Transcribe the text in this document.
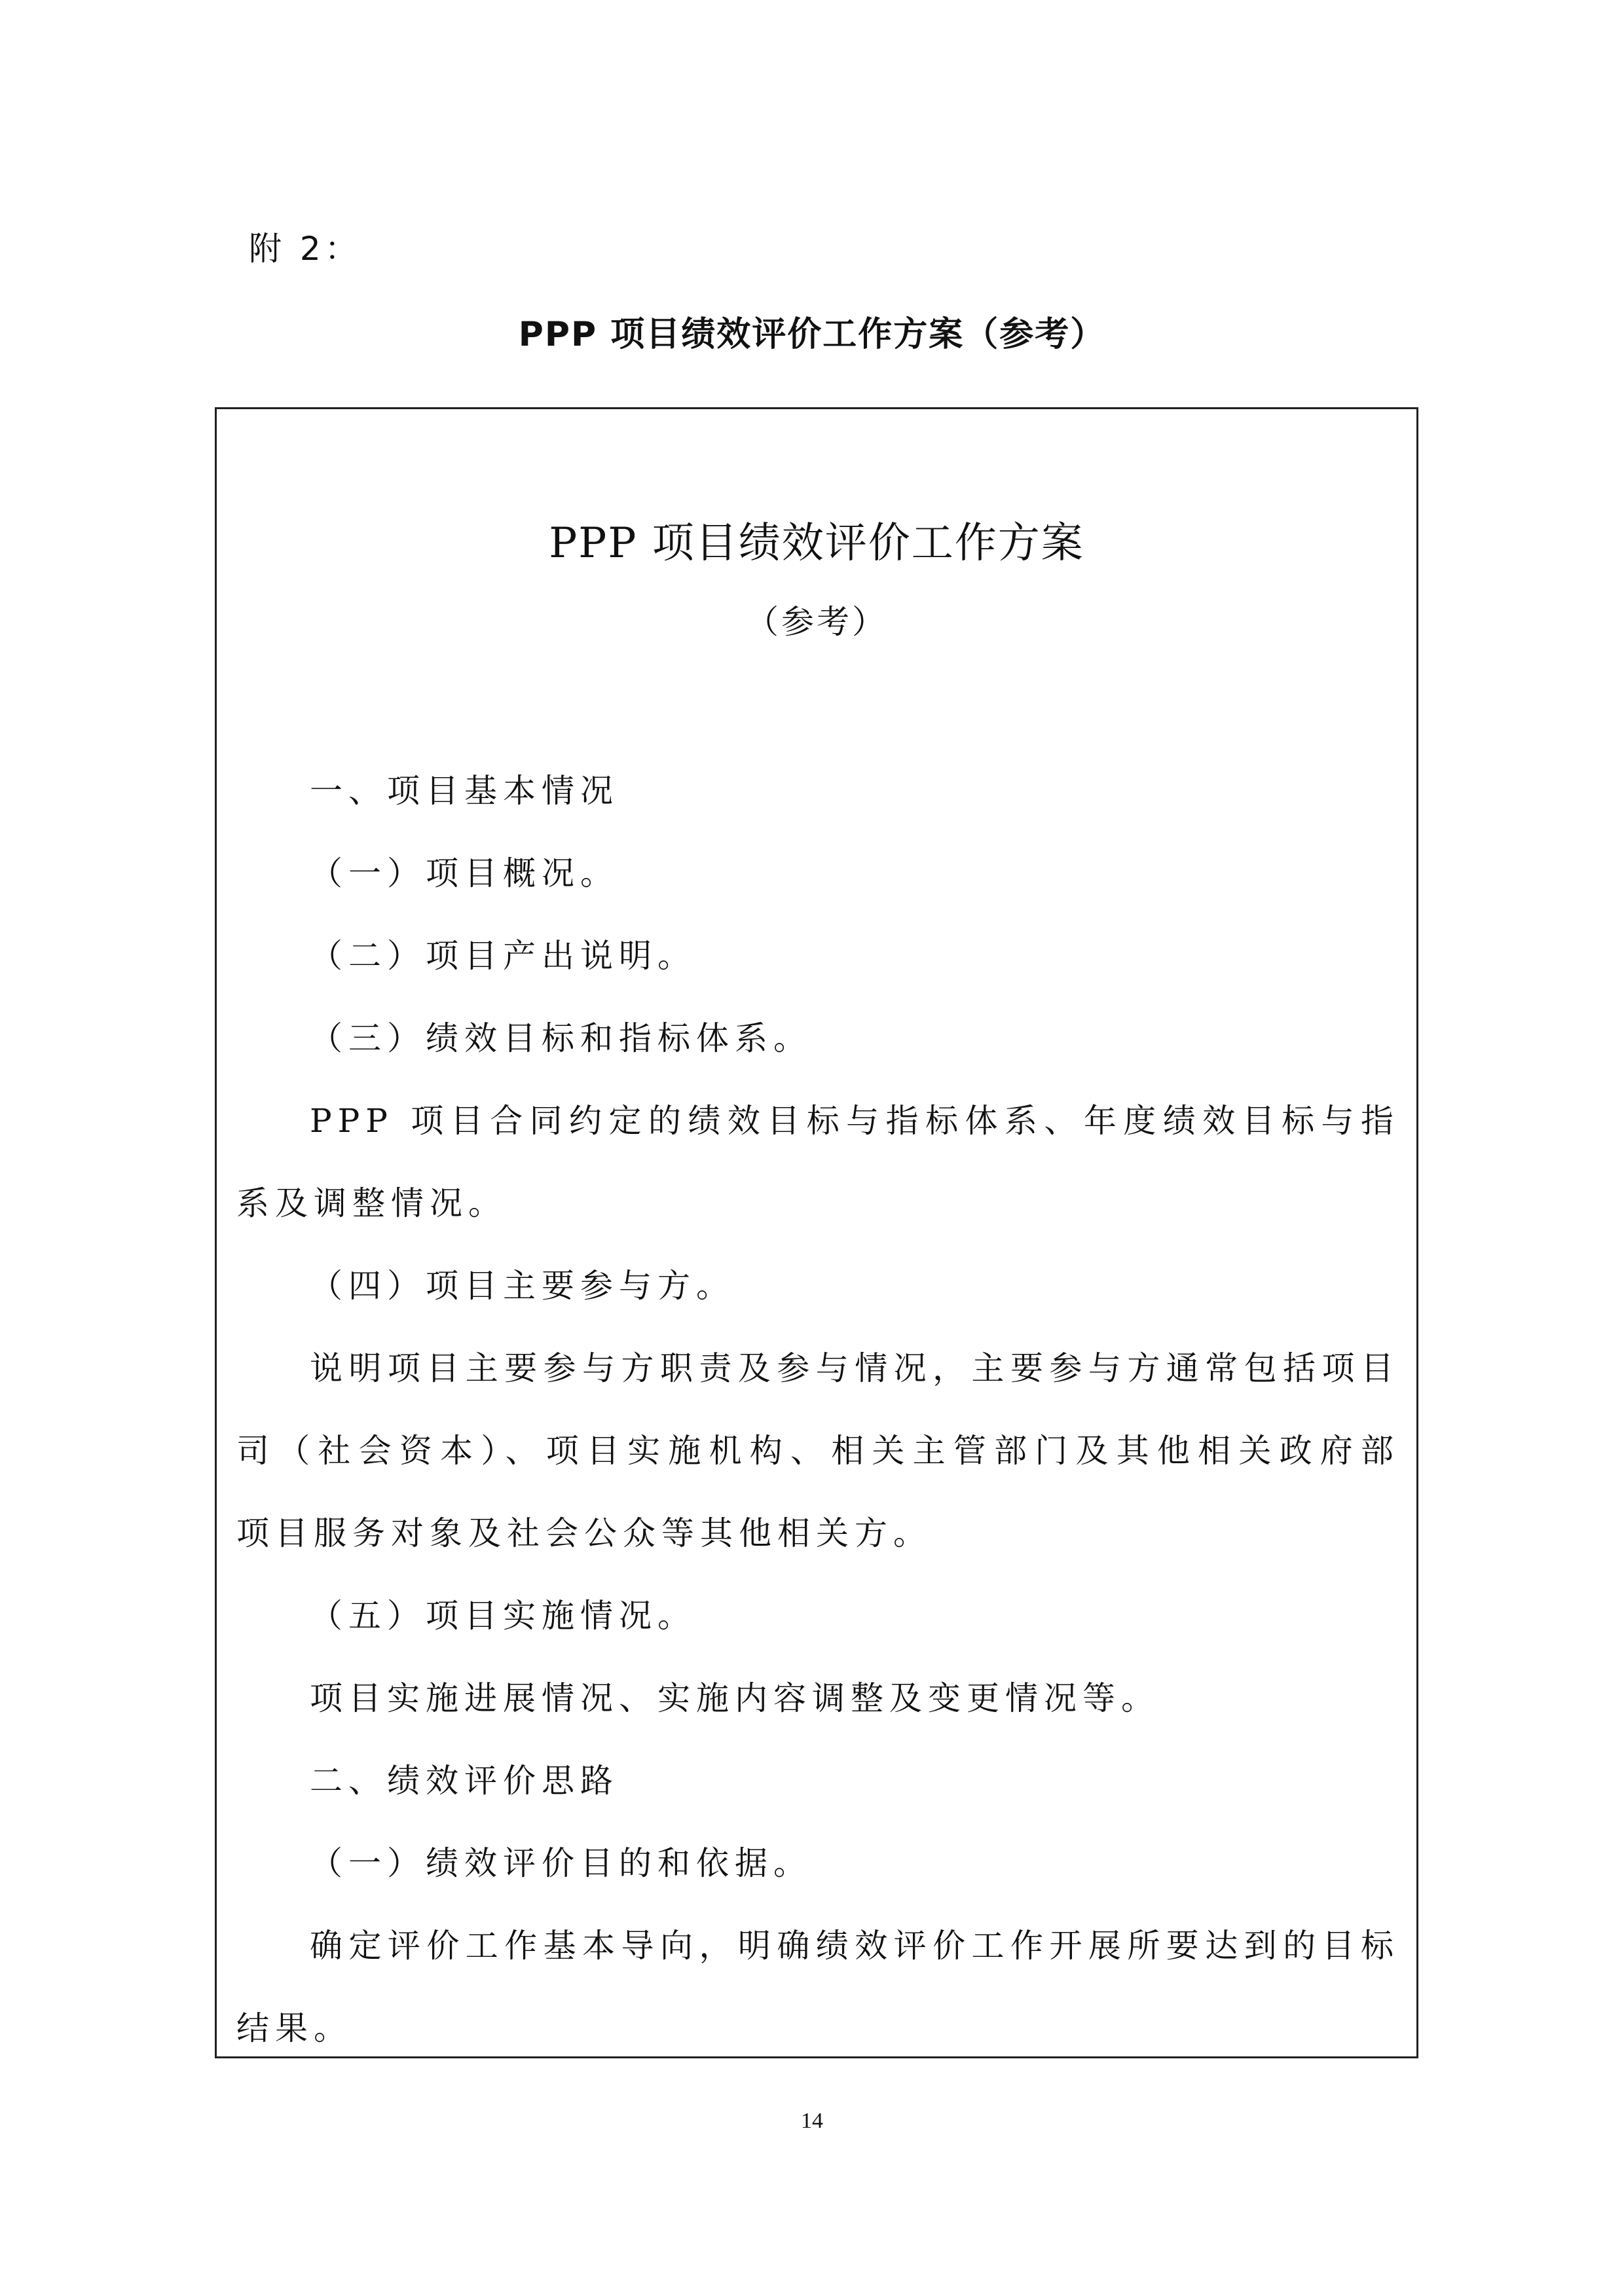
附 2：
PPP 项目绩效评价工作方案（参考）
PPP 项目绩效评价工作方案
（参考）

一、项目基本情况

（一）项目概况。

（二）项目产出说明。

（三）绩效目标和指标体系。

PPP 项目合同约定的绩效目标与指标体系、年度绩效目标与指

系及调整情况。

（四）项目主要参与方。

说明项目主要参与方职责及参与情况，主要参与方通常包括项目

司（社会资本）、项目实施机构、相关主管部门及其他相关政府部

项目服务对象及社会公众等其他相关方。

（五）项目实施情况。

项目实施进展情况、实施内容调整及变更情况等。

二、绩效评价思路

（一）绩效评价目的和依据。

确定评价工作基本导向，明确绩效评价工作开展所要达到的目标

结果。

14
